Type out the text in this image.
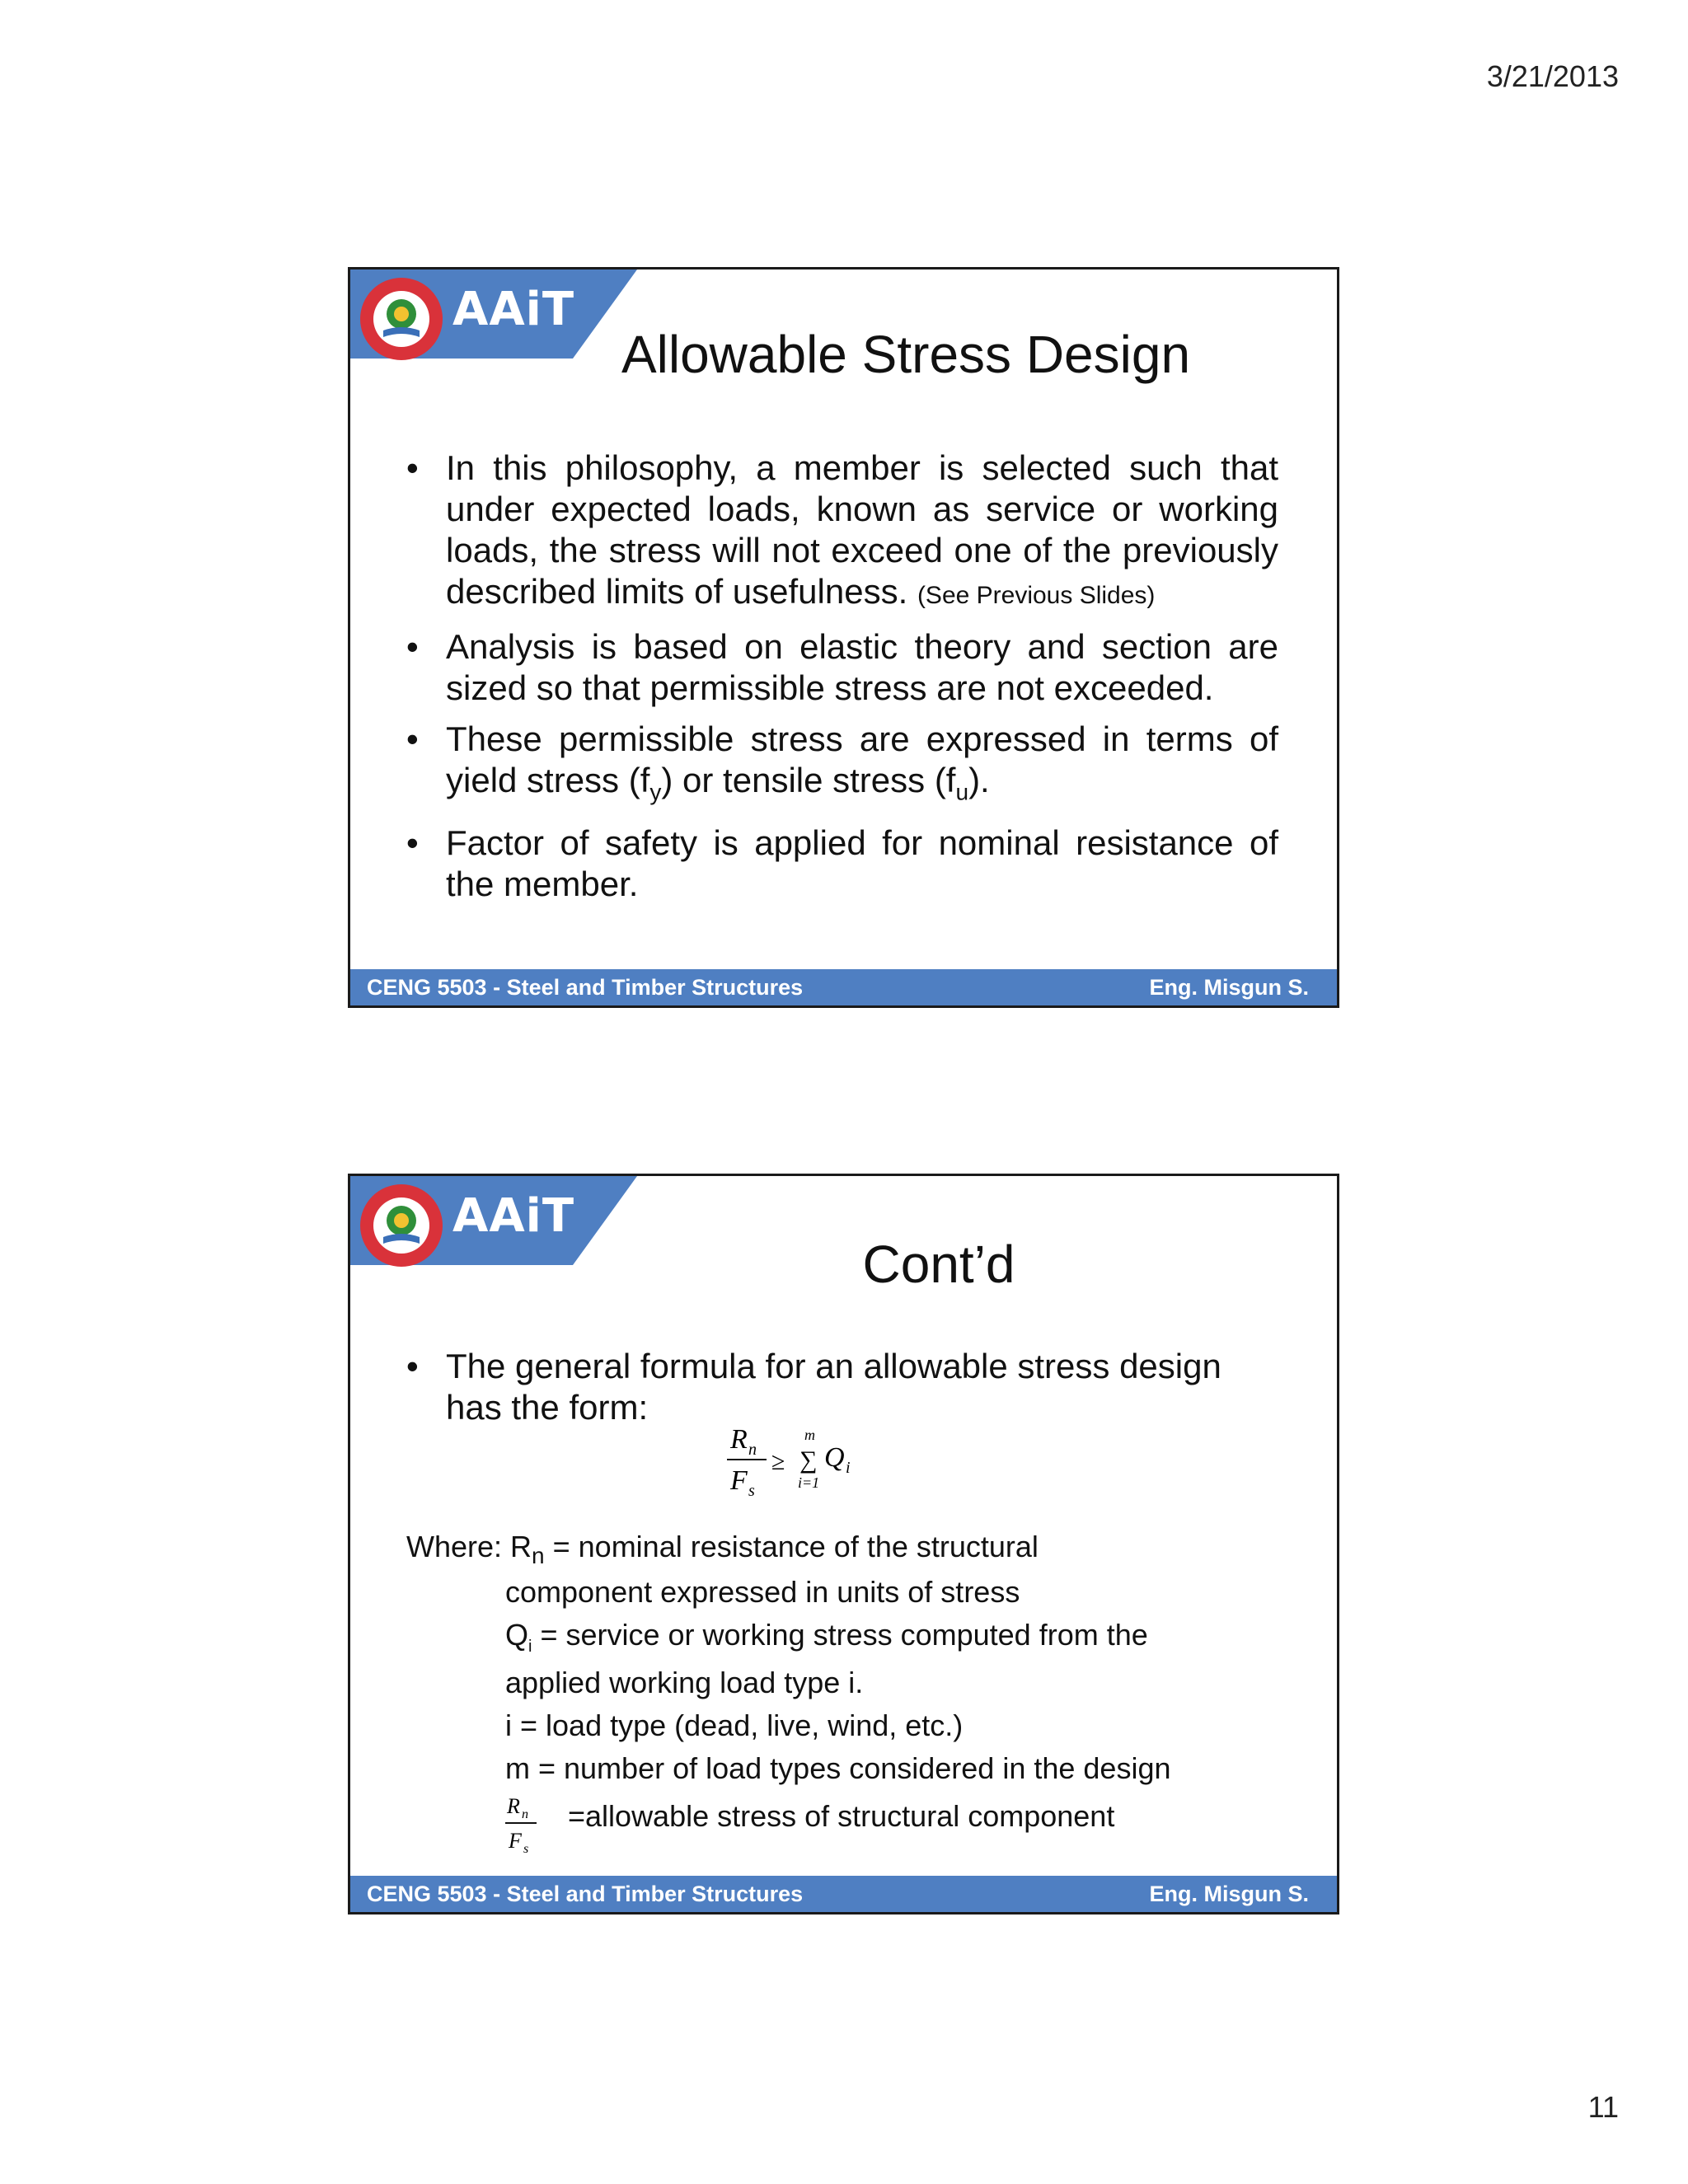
3/21/2013
AAiT
Allowable Stress Design
• In this philosophy, a member is selected such that under expected loads, known as service or working loads, the stress will not exceed one of the previously described limits of usefulness. (See Previous Slides)
• Analysis is based on elastic theory and section are sized so that permissible stress are not exceeded.
• These permissible stress are expressed in terms of yield stress $(f_y)$ or tensile stress $(f_u)$.
• Factor of safety is applied for nominal resistance of the member.
CENG 5503 - Steel and Timber Structures	Eng. Misgun S.
AAiT
Cont’d
• The general formula for an allowable stress design has the form:
R n
F s
≥
m
∑
i=1
Q i
Where: $R_n$ = nominal resistance of the structural
component expressed in units of stress
$Q_i$ = service or working stress computed from the
applied working load type i.
i = load type (dead, live, wind, etc.)
m = number of load types considered in the design
R n
F s
=allowable stress of structural component
CENG 5503 - Steel and Timber Structures	Eng. Misgun S.
11
